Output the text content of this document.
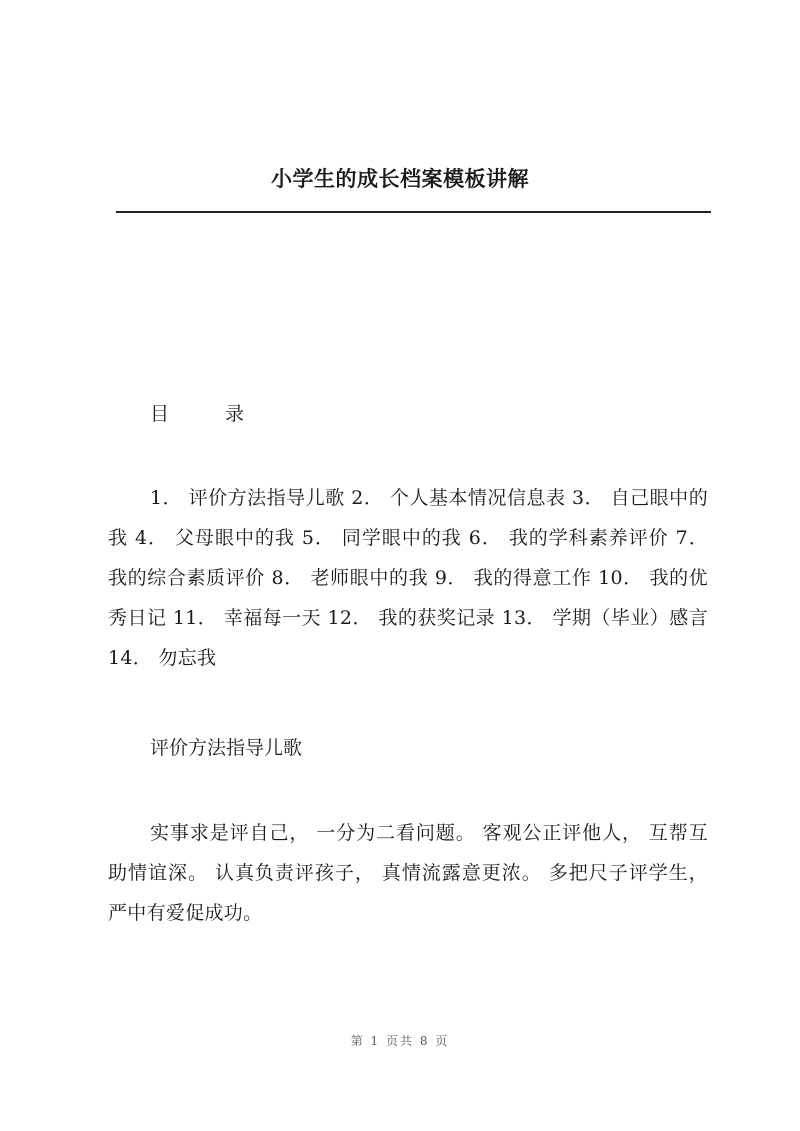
小学生的成长档案模板讲解
目	录
1． 评价方法指导儿歌 2． 个人基本情况信息表 3． 自己眼中的我 4． 父母眼中的我 5． 同学眼中的我 6． 我的学科素养评价 7． 我的综合素质评价 8． 老师眼中的我 9． 我的得意工作 10． 我的优秀日记 11． 幸福每一天 12． 我的获奖记录 13． 学期（毕业）感言 14． 勿忘我
评价方法指导儿歌
实事求是评自己， 一分为二看问题。 客观公正评他人， 互帮互助情谊深。 认真负责评孩子， 真情流露意更浓。 多把尺子评学生， 严中有爱促成功。
第 1 页共 8 页
